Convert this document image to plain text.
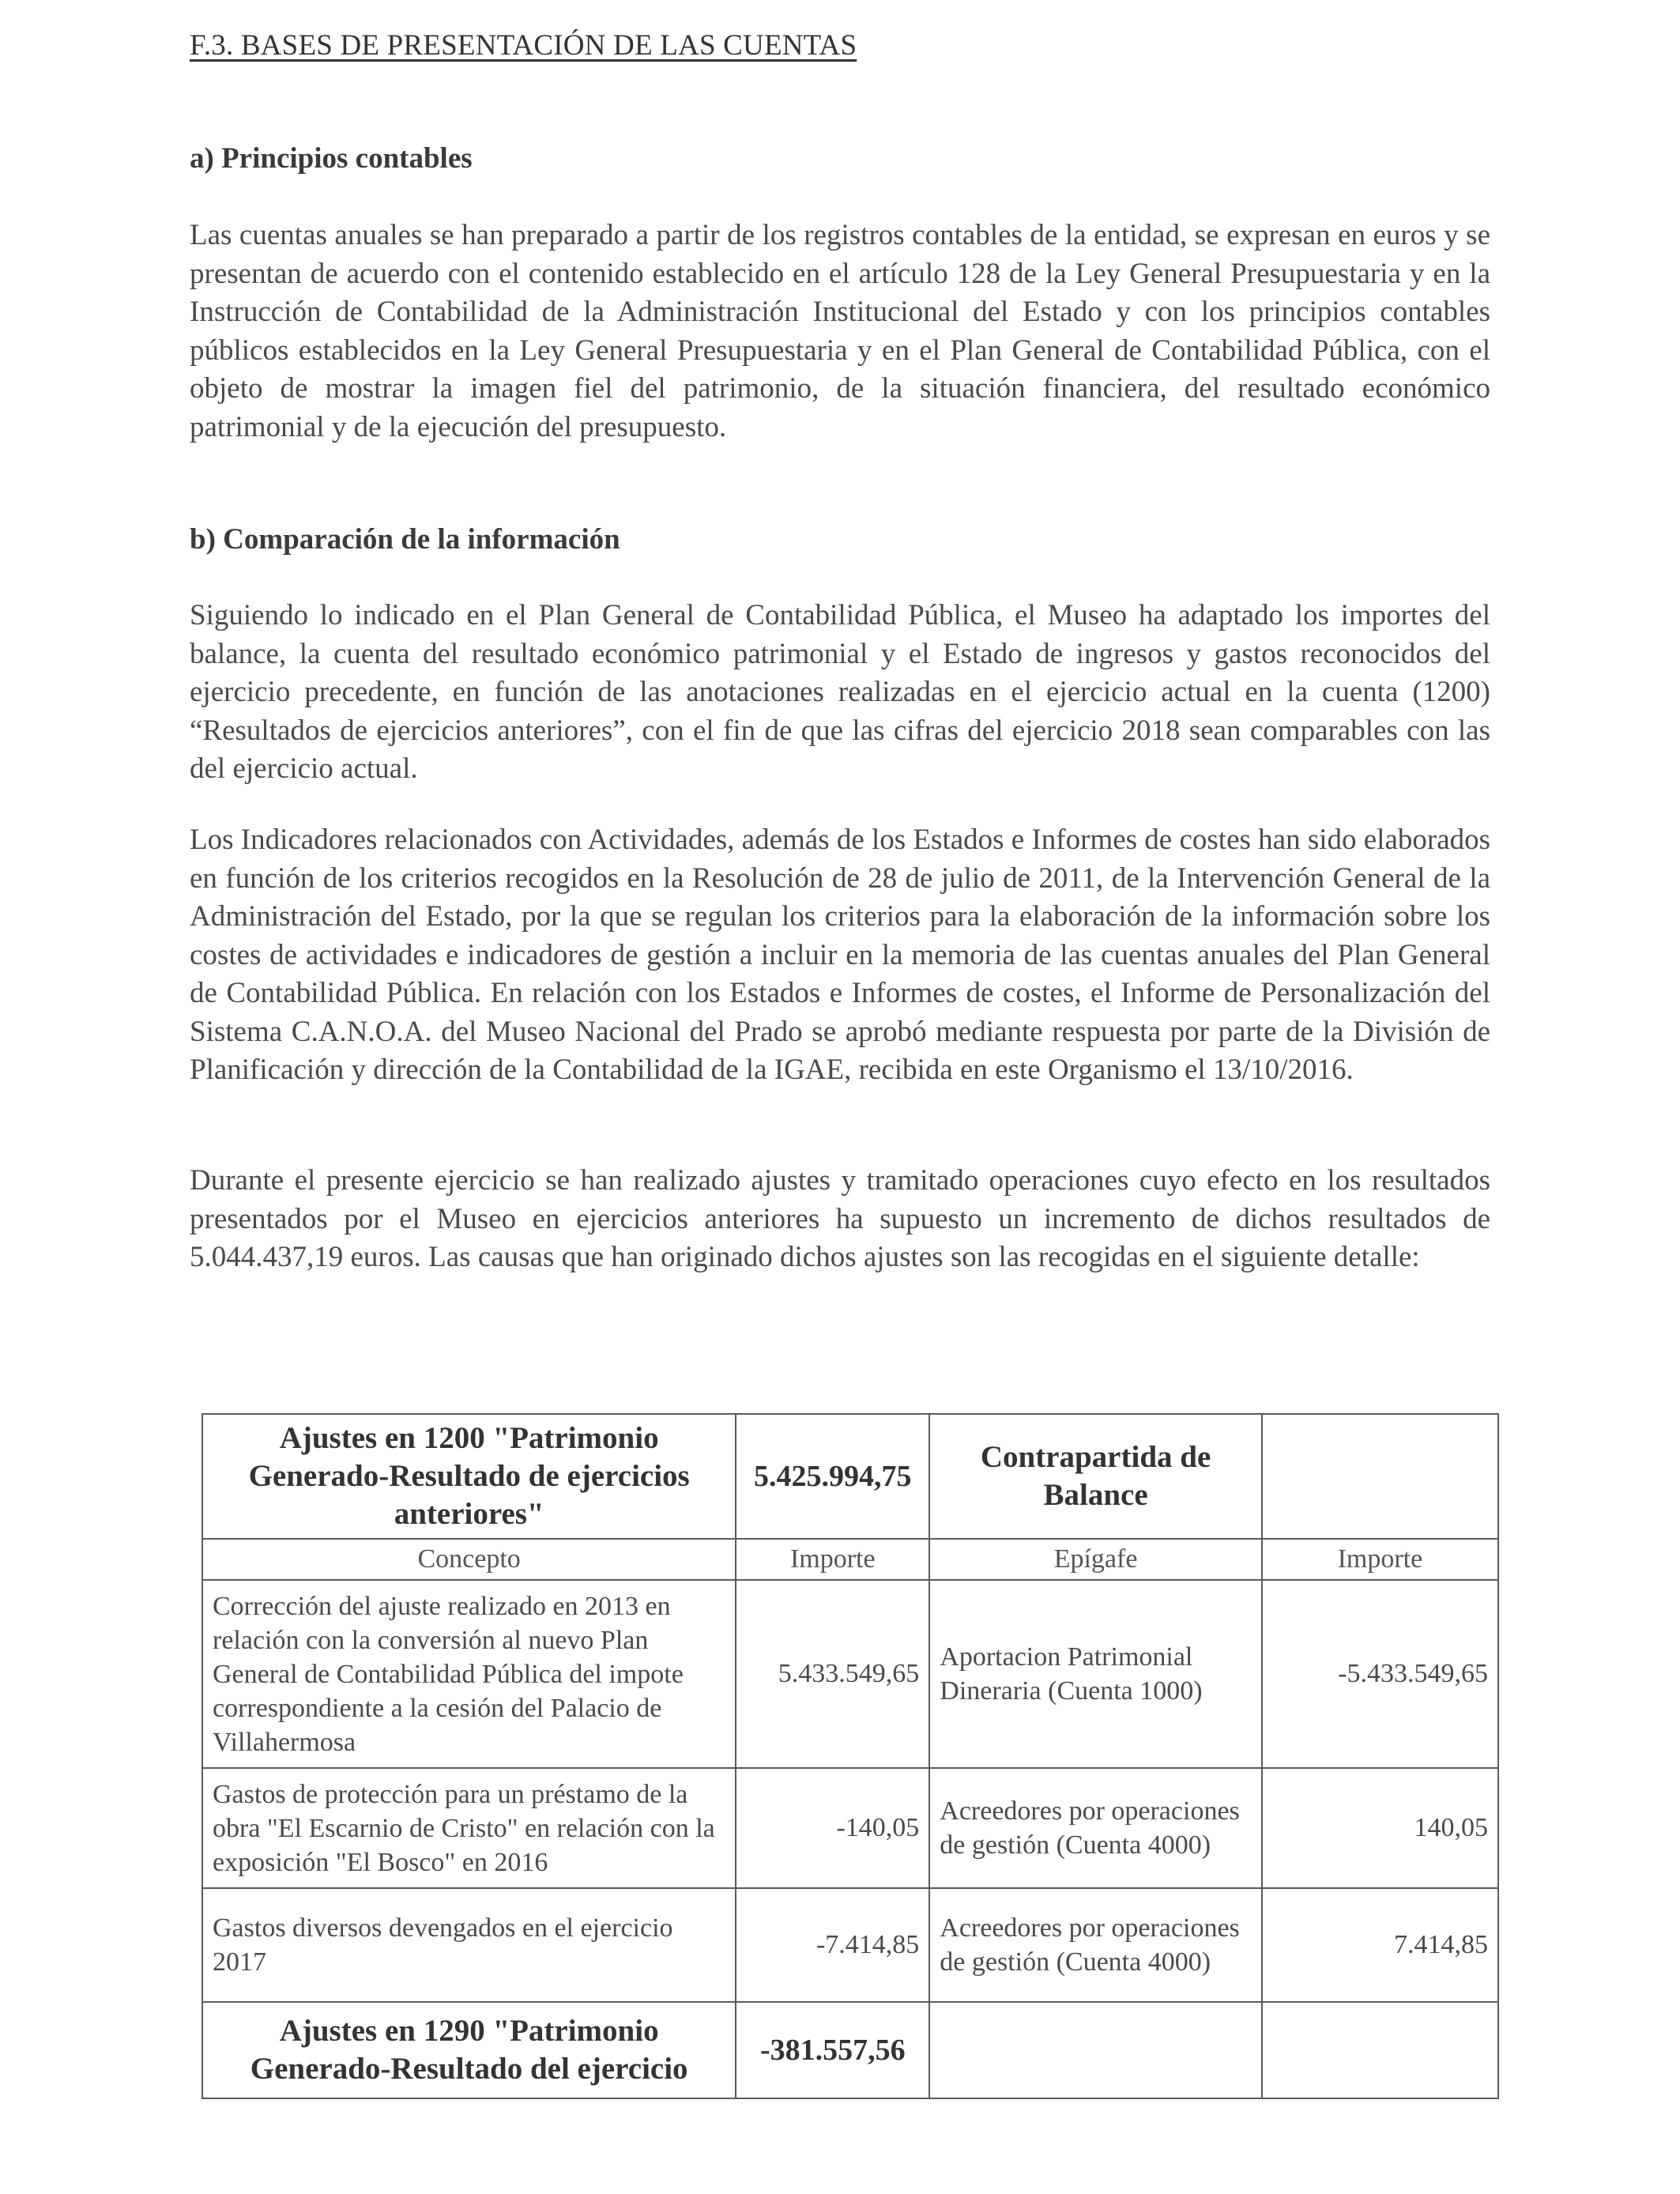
F.3. BASES DE PRESENTACIÓN DE LAS CUENTAS
a) Principios contables

Las cuentas anuales se han preparado a partir de los registros contables de la entidad, se expresan en euros y se presentan de acuerdo con el contenido establecido en el artículo 128 de la Ley General Presupuestaria y en la Instrucción de Contabilidad de la Administración Institucional del Estado y con los principios contables públicos establecidos en la Ley General Presupuestaria y en el Plan General de Contabilidad Pública, con el objeto de mostrar la imagen fiel del patrimonio, de la situación financiera, del resultado económico patrimonial y de la ejecución del presupuesto.

b) Comparación de la información

Siguiendo lo indicado en el Plan General de Contabilidad Pública, el Museo ha adaptado los importes del balance, la cuenta del resultado económico patrimonial y el Estado de ingresos y gastos reconocidos del ejercicio precedente, en función de las anotaciones realizadas en el ejercicio actual en la cuenta (1200) “Resultados de ejercicios anteriores”, con el fin de que las cifras del ejercicio 2018 sean comparables con las del ejercicio actual.

Los Indicadores relacionados con Actividades, además de los Estados e Informes de costes han sido elaborados en función de los criterios recogidos en la Resolución de 28 de julio de 2011, de la Intervención General de la Administración del Estado, por la que se regulan los criterios para la elaboración de la información sobre los costes de actividades e indicadores de gestión a incluir en la memoria de las cuentas anuales del Plan General de Contabilidad Pública. En relación con los Estados e Informes de costes, el Informe de Personalización del Sistema C.A.N.O.A. del Museo Nacional del Prado se aprobó mediante respuesta por parte de la División de Planificación y dirección de la Contabilidad de la IGAE, recibida en este Organismo el 13/10/2016.

Durante el presente ejercicio se han realizado ajustes y tramitado operaciones cuyo efecto en los resultados presentados por el Museo en ejercicios anteriores ha supuesto un incremento de dichos resultados de 5.044.437,19 euros. Las causas que han originado dichos ajustes son las recogidas en el siguiente detalle:

Ajustes en 1200 "Patrimonio Generado-Resultado de ejercicios anteriores"	5.425.994,75	Contrapartida de Balance	
Concepto	Importe	Epígafe	Importe
Corrección del ajuste realizado en 2013 en relación con la conversión al nuevo Plan General de Contabilidad Pública del impote correspondiente a la cesión del Palacio de Villahermosa	5.433.549,65	Aportacion Patrimonial Dineraria (Cuenta 1000)	-5.433.549,65
Gastos de protección para un préstamo de la obra "El Escarnio de Cristo" en relación con la exposición "El Bosco" en 2016	-140,05	Acreedores por operaciones de gestión (Cuenta 4000)	140,05
Gastos diversos devengados en el ejercicio 2017	-7.414,85	Acreedores por operaciones de gestión (Cuenta 4000)	7.414,85
Ajustes en 1290 "Patrimonio Generado-Resultado del ejercicio	-381.557,56		
